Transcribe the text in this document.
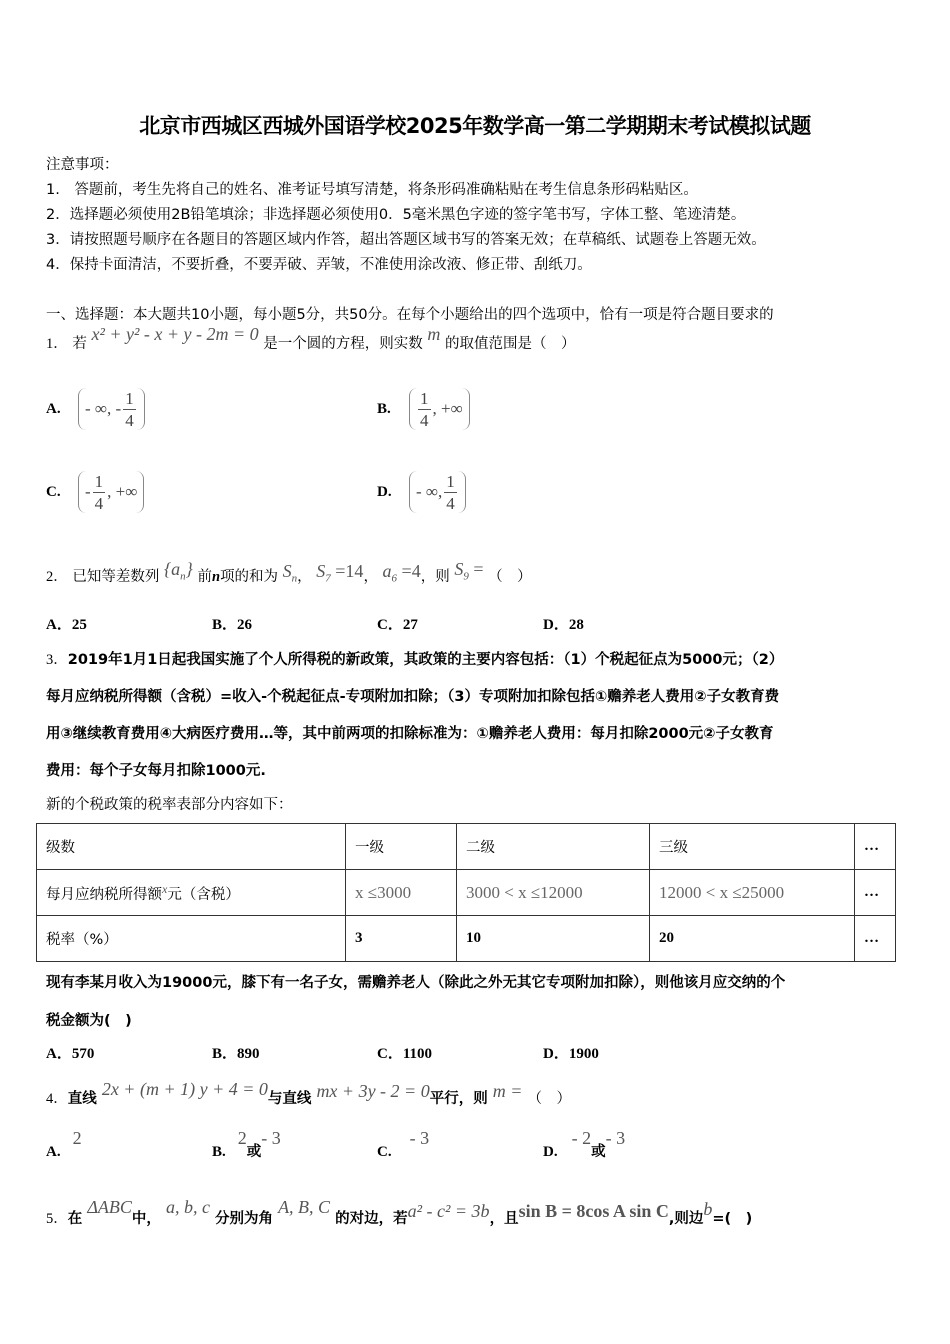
北京市西城区西城外国语学校2025年数学高一第二学期期末考试模拟试题
注意事项：
1.　答题前，考生先将自己的姓名、准考证号填写清楚，将条形码准确粘贴在考生信息条形码粘贴区。
2．选择题必须使用2B铅笔填涂；非选择题必须使用0．5毫米黑色字迹的签字笔书写，字体工整、笔迹清楚。
3．请按照题号顺序在各题目的答题区域内作答，超出答题区域书写的答案无效；在草稿纸、试题卷上答题无效。
4．保持卡面清洁，不要折叠，不要弄破、弄皱，不准使用涂改液、修正带、刮纸刀。
一、选择题：本大题共10小题，每小题5分，共50分。在每个小题给出的四个选项中，恰有一项是符合题目要求的
1． 若 x² + y² - x + y - 2m = 0 是一个圆的方程，则实数 m 的取值范围是（　）
A.	- ∞, - $\frac{1}{4}$	B.	$\frac{1}{4}$ , +∞
C.	- $\frac{1}{4}$ , +∞	D.	- ∞, $\frac{1}{4}$
2． 已知等差数列 $\{a_n\}$ 前n项的和为 $S_n$， $S_7 =14$， $a_6 =4$，则 $S_9$ = （　）
A．25	B．26	C．27	D．28
3．2019年1月1日起我国实施了个人所得税的新政策，其政策的主要内容包括：（1）个税起征点为5000元；（2）
每月应纳税所得额（含税）=收入-个税起征点-专项附加扣除；（3）专项附加扣除包括①赡养老人费用②子女教育费
用③继续教育费用④大病医疗费用…等，其中前两项的扣除标准为：①赡养老人费用：每月扣除2000元②子女教育
费用：每个子女每月扣除1000元.
新的个税政策的税率表部分内容如下：
级数	一级	二级	三级	…
每月应纳税所得额$^x$元（含税）	x ≤3000	3000 < x ≤12000	12000 < x ≤25000	…
税率（%）	3	10	20	…
现有李某月收入为19000元，膝下有一名子女，需赡养老人（除此之外无其它专项附加扣除），则他该月应交纳的个
税金额为(　)
A．570	B．890	C．1100	D．1900
4．直线 2x + (m + 1) y + 4 = 0与直线 mx + 3y - 2 = 0平行，则 m = （　）
A.2
B.2或- 3
C.- 3
D.- 2或- 3
5．在 ΔABC中， a, b, c 分别为角 A, B, C 的对边，若a² - c² = 3b，且sin B = 8cos A sin C,则边b=(　)
